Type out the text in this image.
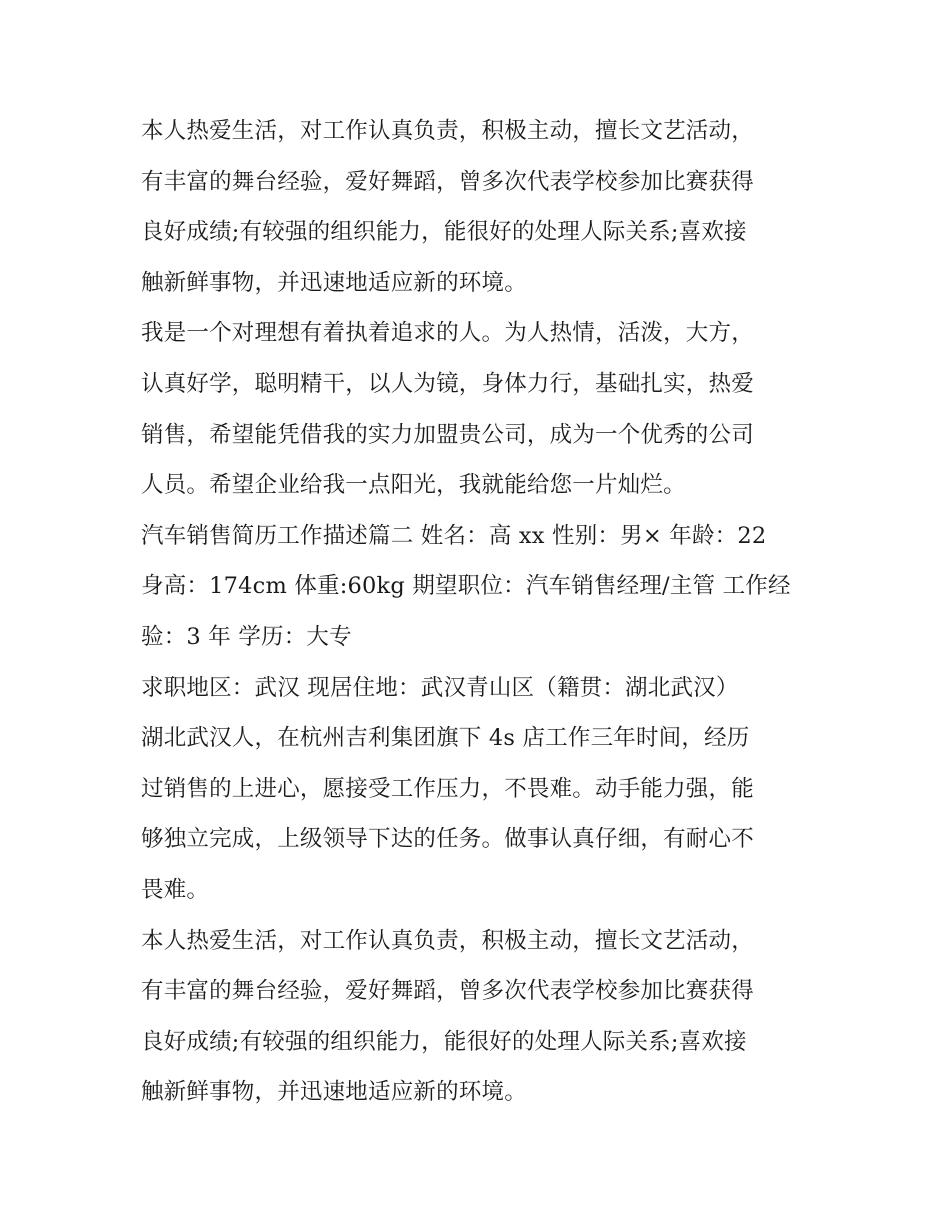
本人热爱生活，对工作认真负责，积极主动，擅长文艺活动，
有丰富的舞台经验，爱好舞蹈，曾多次代表学校参加比赛获得
良好成绩;有较强的组织能力，能很好的处理人际关系;喜欢接
触新鲜事物，并迅速地适应新的环境。

我是一个对理想有着执着追求的人。为人热情，活泼，大方，
认真好学，聪明精干，以人为镜，身体力行，基础扎实，热爱
销售，希望能凭借我的实力加盟贵公司，成为一个优秀的公司
人员。希望企业给我一点阳光，我就能给您一片灿烂。

汽车销售简历工作描述篇二 姓名：高 xx 性别：男× 年龄：22
身高：174cm 体重:60kg 期望职位：汽车销售经理/主管 工作经
验：3 年 学历：大专

求职地区：武汉 现居住地：武汉青山区（籍贯：湖北武汉）

湖北武汉人，在杭州吉利集团旗下 4s 店工作三年时间，经历
过销售的上进心，愿接受工作压力，不畏难。动手能力强，能
够独立完成，上级领导下达的任务。做事认真仔细，有耐心不
畏难。

本人热爱生活，对工作认真负责，积极主动，擅长文艺活动，
有丰富的舞台经验，爱好舞蹈，曾多次代表学校参加比赛获得
良好成绩;有较强的组织能力，能很好的处理人际关系;喜欢接
触新鲜事物，并迅速地适应新的环境。
